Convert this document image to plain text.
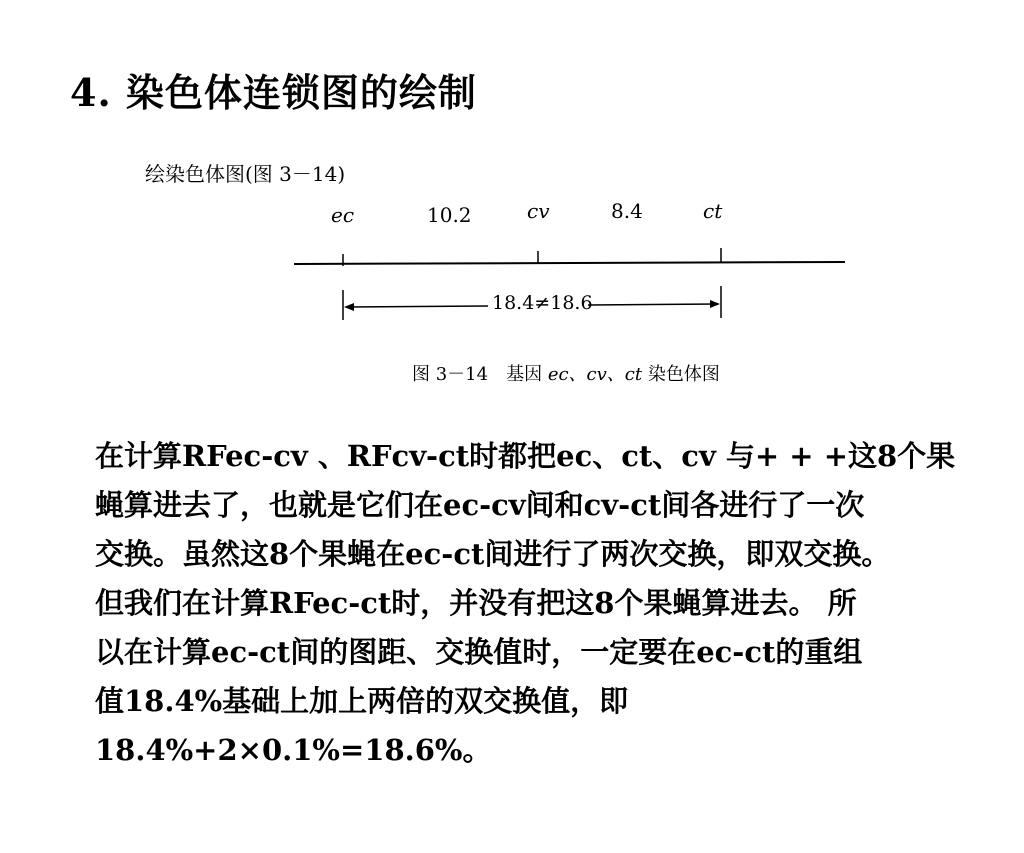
4. 染色体连锁图的绘制
绘染色体图(图 3－14)
ec	10.2	cv	8.4	ct
18.4≠18.6
图 3－14　基因 ec、cv、ct 染色体图
在计算RFec-cv 、RFcv-ct时都把ec、ct、cv 与+ + +这8个果
蝇算进去了，也就是它们在ec-cv间和cv-ct间各进行了一次
交换。虽然这8个果蝇在ec-ct间进行了两次交换，即双交换。
但我们在计算RFec-ct时，并没有把这8个果蝇算进去。 所
以在计算ec-ct间的图距、交换值时，一定要在ec-ct的重组
值18.4%基础上加上两倍的双交换值，即
18.4%+2×0.1%=18.6%。
